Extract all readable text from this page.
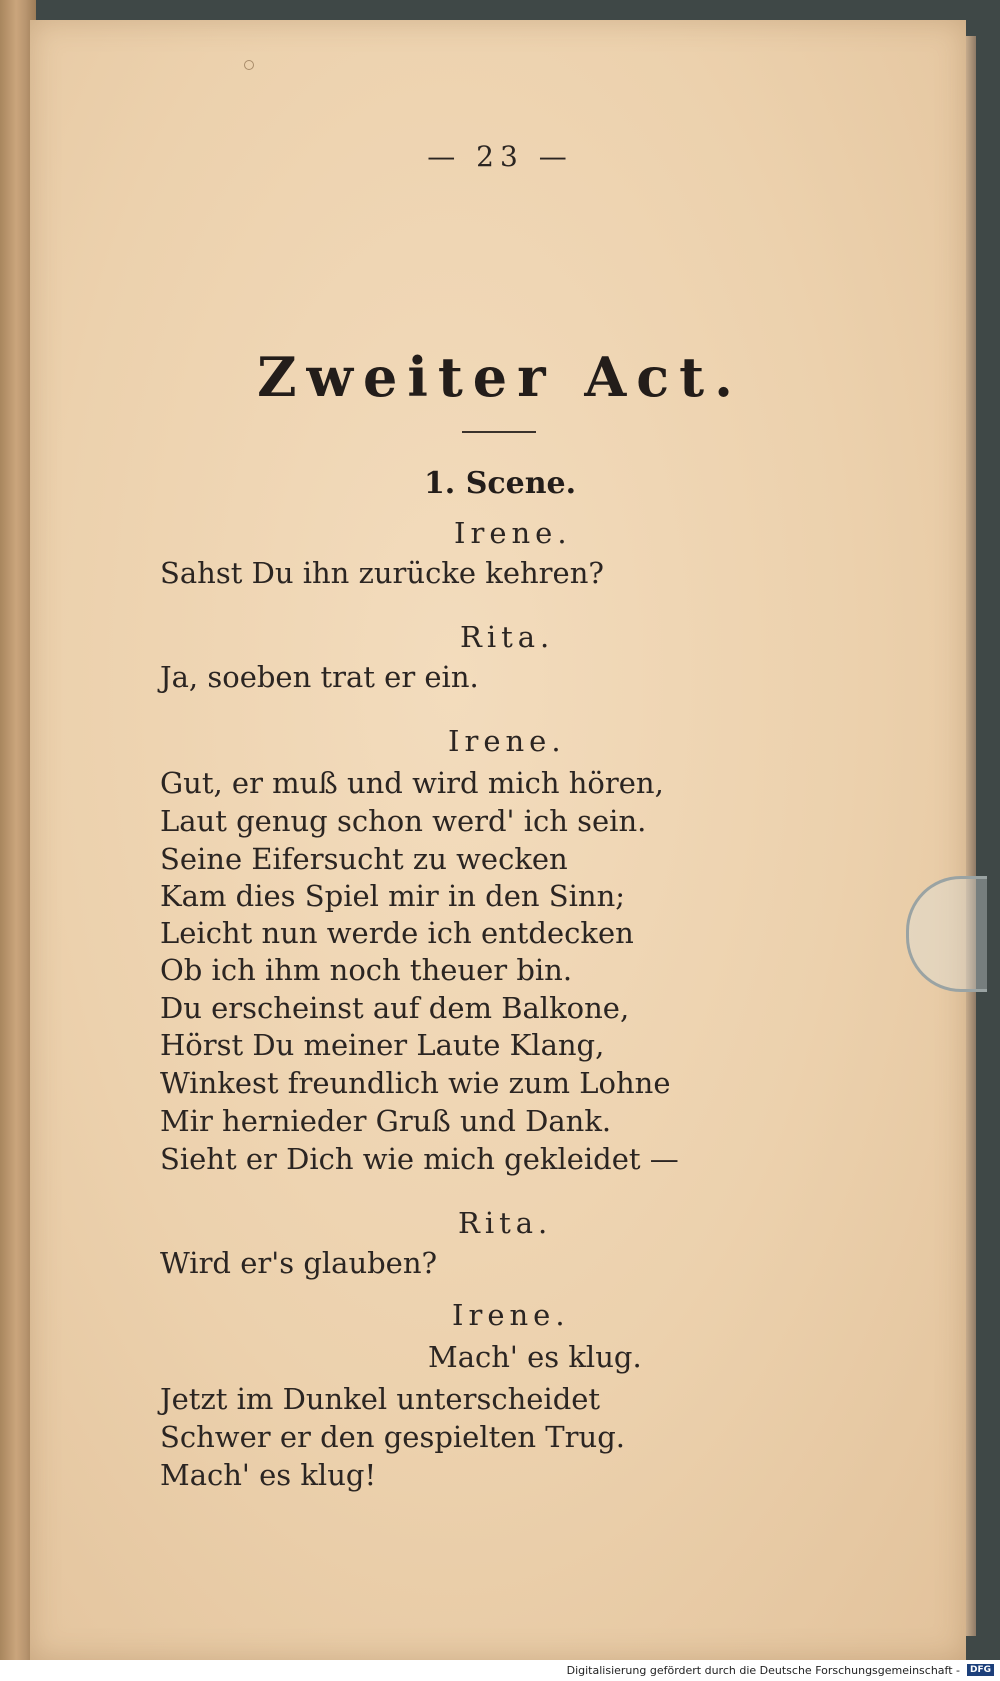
— 23 —
Zweiter Act.
1. Scene.
Irene.
Sahst Du ihn zurücke kehren?
Rita.
Ja, soeben trat er ein.
Irene.
Gut, er muß und wird mich hören,
Laut genug schon werd' ich sein.
Seine Eifersucht zu wecken
Kam dies Spiel mir in den Sinn;
Leicht nun werde ich entdecken
Ob ich ihm noch theuer bin.
Du erscheinst auf dem Balkone,
Hörst Du meiner Laute Klang,
Winkest freundlich wie zum Lohne
Mir hernieder Gruß und Dank.
Sieht er Dich wie mich gekleidet —
Rita.
Wird er's glauben?
Irene.
Mach' es klug.
Jetzt im Dunkel unterscheidet
Schwer er den gespielten Trug.
Mach' es klug!
Digitalisierung gefördert durch die Deutsche Forschungsgemeinschaft -	DFG
